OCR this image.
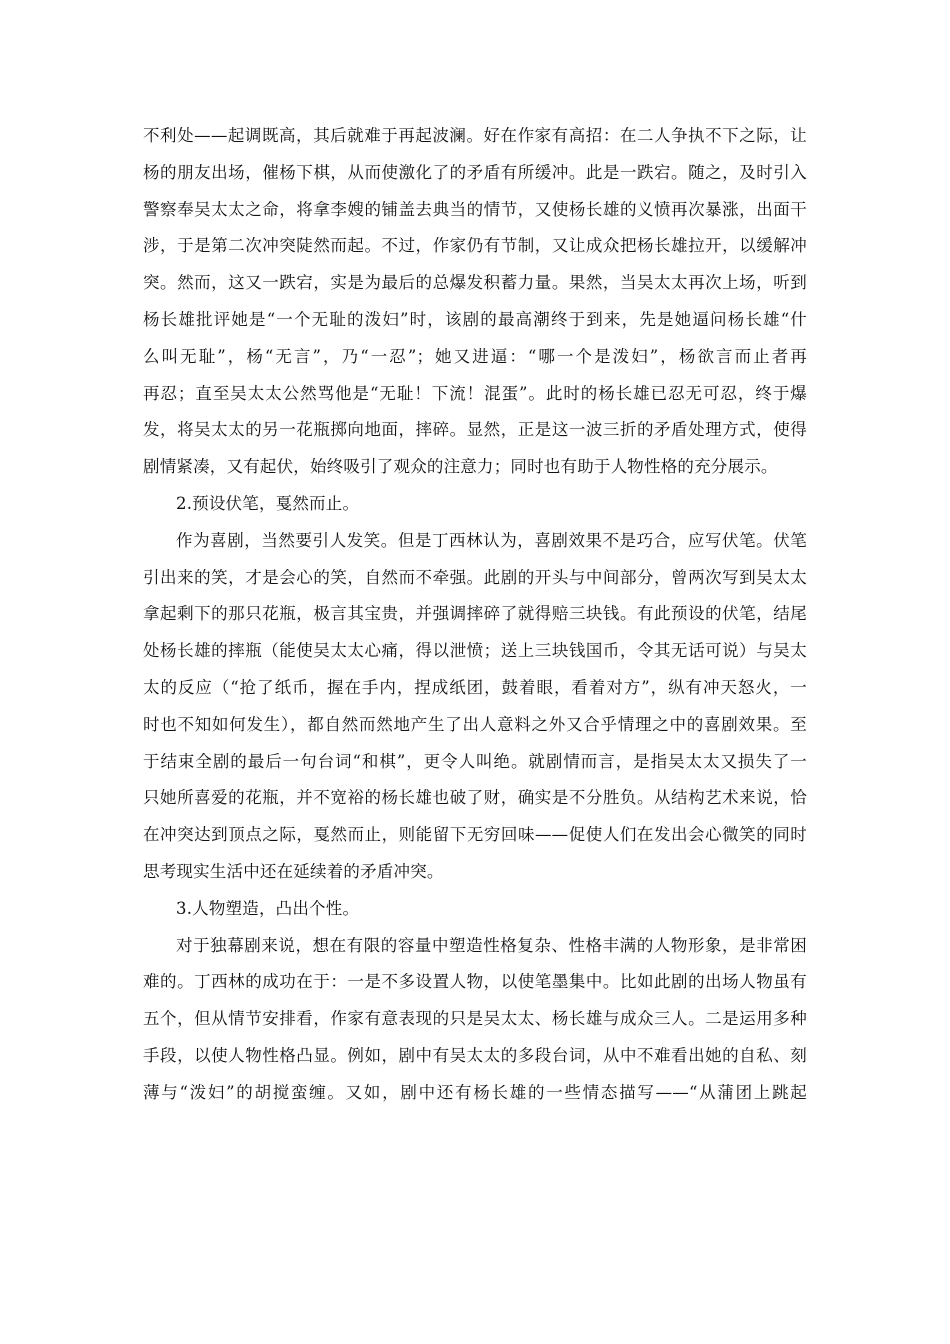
不利处——起调既高，其后就难于再起波澜。好在作家有高招：在二人争执不下之际，让
杨的朋友出场，催杨下棋，从而使激化了的矛盾有所缓冲。此是一跌宕。随之，及时引入
警察奉吴太太之命，将拿李嫂的铺盖去典当的情节，又使杨长雄的义愤再次暴涨，出面干
涉，于是第二次冲突陡然而起。不过，作家仍有节制，又让成众把杨长雄拉开，以缓解冲
突。然而，这又一跌宕，实是为最后的总爆发积蓄力量。果然，当吴太太再次上场，听到
杨长雄批评她是“一个无耻的泼妇”时，该剧的最高潮终于到来，先是她逼问杨长雄“什
么叫无耻”，杨“无言”，乃“一忍”；她又进逼：“哪一个是泼妇”，杨欲言而止者再
再忍；直至吴太太公然骂他是“无耻！下流！混蛋”。此时的杨长雄已忍无可忍，终于爆
发，将吴太太的另一花瓶掷向地面，摔碎。显然，正是这一波三折的矛盾处理方式，使得
剧情紧凑，又有起伏，始终吸引了观众的注意力；同时也有助于人物性格的充分展示。
2.预设伏笔，戛然而止。
作为喜剧，当然要引人发笑。但是丁西林认为，喜剧效果不是巧合，应写伏笔。伏笔
引出来的笑，才是会心的笑，自然而不牵强。此剧的开头与中间部分，曾两次写到吴太太
拿起剩下的那只花瓶，极言其宝贵，并强调摔碎了就得赔三块钱。有此预设的伏笔，结尾
处杨长雄的摔瓶（能使吴太太心痛，得以泄愤；送上三块钱国币，令其无话可说）与吴太
太的反应（“抢了纸币，握在手内，捏成纸团，鼓着眼，看着对方”，纵有冲天怒火，一
时也不知如何发生），都自然而然地产生了出人意料之外又合乎情理之中的喜剧效果。至
于结束全剧的最后一句台词“和棋”，更令人叫绝。就剧情而言，是指吴太太又损失了一
只她所喜爱的花瓶，并不宽裕的杨长雄也破了财，确实是不分胜负。从结构艺术来说，恰
在冲突达到顶点之际，戛然而止，则能留下无穷回味——促使人们在发出会心微笑的同时
思考现实生活中还在延续着的矛盾冲突。
3.人物塑造，凸出个性。
对于独幕剧来说，想在有限的容量中塑造性格复杂、性格丰满的人物形象，是非常困
难的。丁西林的成功在于：一是不多设置人物，以使笔墨集中。比如此剧的出场人物虽有
五个，但从情节安排看，作家有意表现的只是吴太太、杨长雄与成众三人。二是运用多种
手段，以使人物性格凸显。例如，剧中有吴太太的多段台词，从中不难看出她的自私、刻
薄与“泼妇”的胡搅蛮缠。又如，剧中还有杨长雄的一些情态描写——“从蒲团上跳起
